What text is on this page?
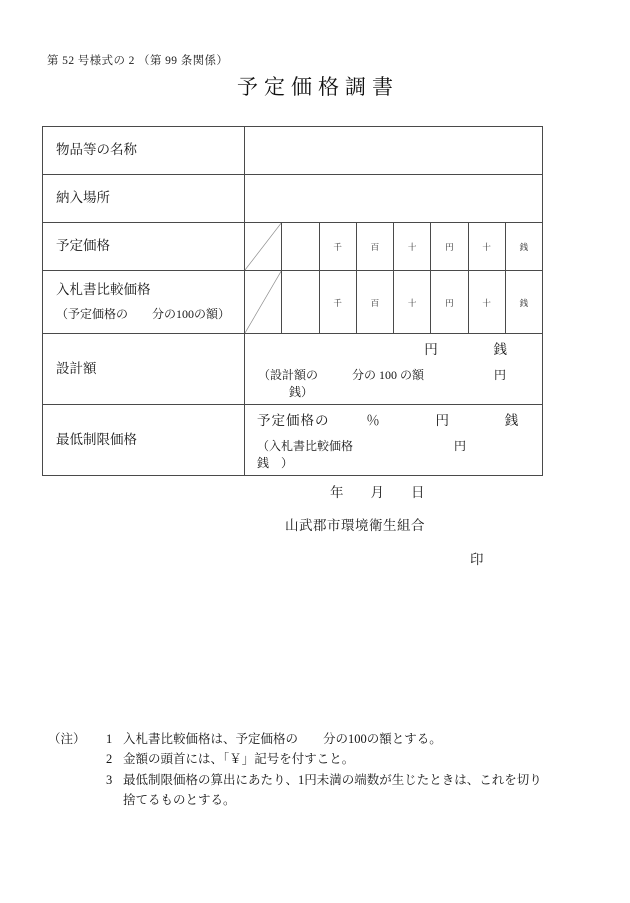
第 52 号様式の 2 （第 99 条関係）
予定価格調書
物品等の名称								

納入場所								

予定価格			千	百	十	円	十	銭

入札書比較価格
（予定価格の　　分の100の額）			千	百	十	円	十	銭

設計額	円 銭
（設計額の 分の 100 の額 円  銭）							

最低制限価格	予定価格の ％ 円 銭
（入札書比較価格 円  銭　）							
年　　月　　日
山武郡市環境衛生組合
印
（注） 1 入札書比較価格は、予定価格の　　分の100の額とする。
2 金額の頭首には、「￥」記号を付すこと。
3 最低制限価格の算出にあたり、1円未満の端数が生じたときは、これを切り
捨てるものとする。
